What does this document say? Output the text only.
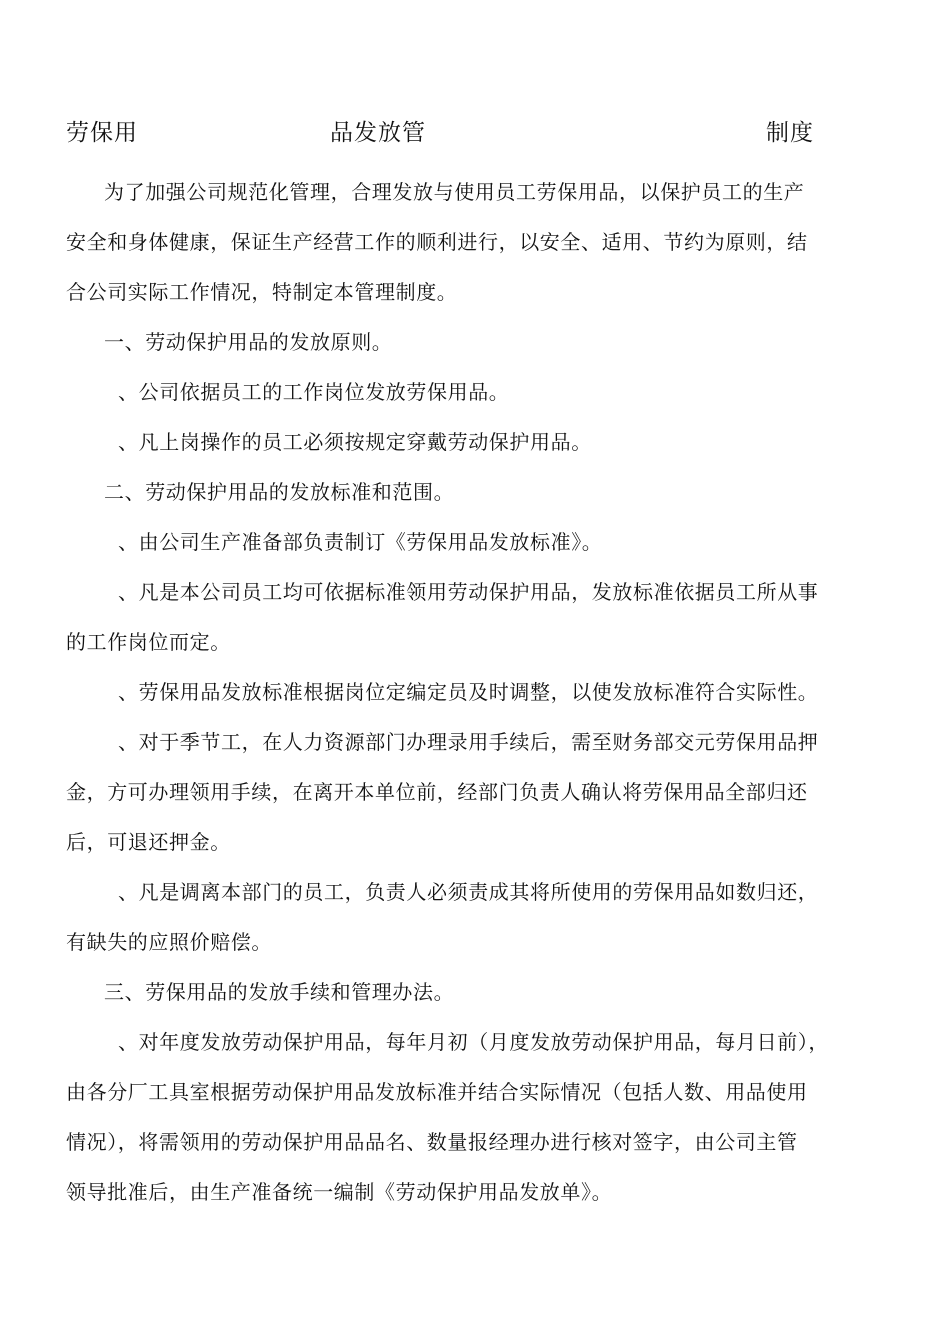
劳保用	品发放管	制度
为了加强公司规范化管理，合理发放与使用员工劳保用品，以保护员工的生产
安全和身体健康，保证生产经营工作的顺利进行，以安全、适用、节约为原则，结
合公司实际工作情况，特制定本管理制度。
一、劳动保护用品的发放原则。
、公司依据员工的工作岗位发放劳保用品。
、凡上岗操作的员工必须按规定穿戴劳动保护用品。
二、劳动保护用品的发放标准和范围。
、由公司生产准备部负责制订《劳保用品发放标准》。
、凡是本公司员工均可依据标准领用劳动保护用品，发放标准依据员工所从事
的工作岗位而定。
、劳保用品发放标准根据岗位定编定员及时调整，以使发放标准符合实际性。
、对于季节工，在人力资源部门办理录用手续后，需至财务部交元劳保用品押
金，方可办理领用手续，在离开本单位前，经部门负责人确认将劳保用品全部归还
后，可退还押金。
、凡是调离本部门的员工，负责人必须责成其将所使用的劳保用品如数归还，
有缺失的应照价赔偿。
三、劳保用品的发放手续和管理办法。
、对年度发放劳动保护用品，每年月初（月度发放劳动保护用品，每月日前），
由各分厂工具室根据劳动保护用品发放标准并结合实际情况（包括人数、用品使用
情况），将需领用的劳动保护用品品名、数量报经理办进行核对签字，由公司主管
领导批准后，由生产准备统一编制《劳动保护用品发放单》。
